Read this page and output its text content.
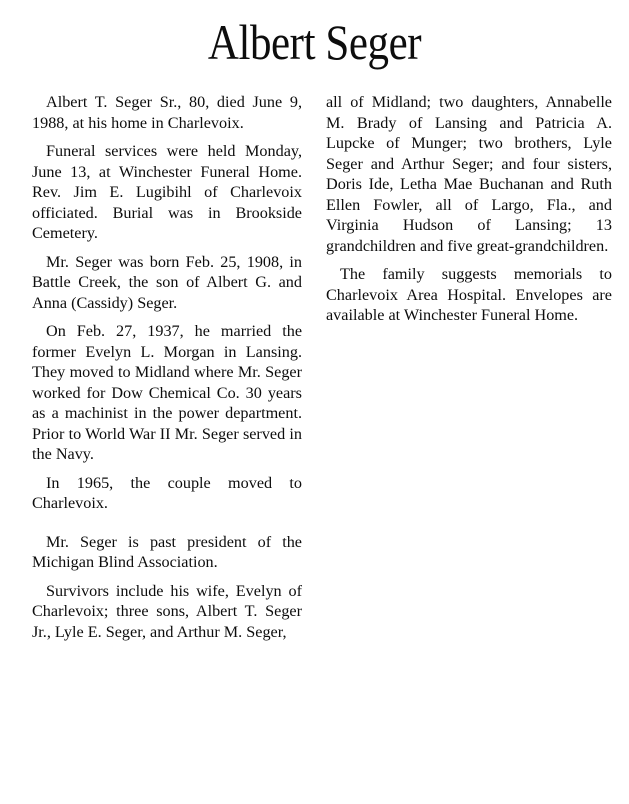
Albert Seger

Albert T. Seger Sr., 80, died June 9, 1988, at his home in Charlevoix.

Funeral services were held Monday, June 13, at Winchester Funeral Home. Rev. Jim E. Lugibihl of Charlevoix officiated. Burial was in Brookside Cemetery.

Mr. Seger was born Feb. 25, 1908, in Battle Creek, the son of Albert G. and Anna (Cassidy) Seger.

On Feb. 27, 1937, he married the former Evelyn L. Morgan in Lansing. They moved to Midland where Mr. Seger worked for Dow Chemical Co. 30 years as a machinist in the power department. Prior to World War II Mr. Seger served in the Navy.

In 1965, the couple moved to Charlevoix.

Mr. Seger is past president of the Michigan Blind Association.

Survivors include his wife, Evelyn of Charlevoix; three sons, Albert T. Seger Jr., Lyle E. Seger, and Arthur M. Seger,

all of Midland; two daughters, Annabelle M. Brady of Lansing and Patricia A. Lupcke of Munger; two brothers, Lyle Seger and Arthur Seger; and four sisters, Doris Ide, Letha Mae Buchanan and Ruth Ellen Fowler, all of Largo, Fla., and Virginia Hudson of Lansing; 13 grandchildren and five great-grandchildren.

The family suggests memorials to Charlevoix Area Hospital. Envelopes are available at Winchester Funeral Home.
